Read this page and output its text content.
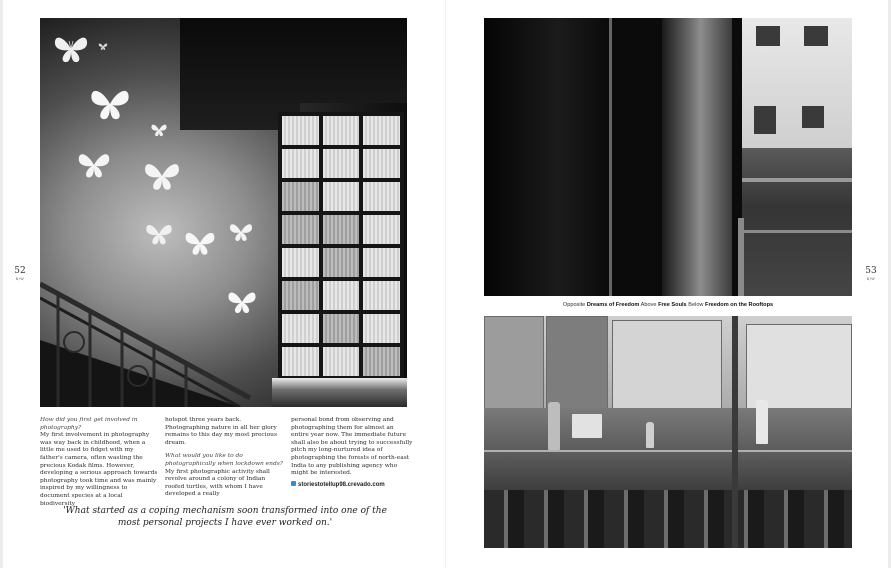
52
B/W
53
B/W
Opposite Dreams of Freedom Above Free Souls Below Freedom on the Rooftops

How did you first get involved in photography?
My first involvement in photography was way back in childhood, when a little me used to fidget with my father's camera, often wasting the precious Kodak films. However, developing a serious approach towards photography took time and was mainly inspired by my willingness to document species at a local biodiversity

hotspot three years back. Photographing nature in all her glory remains to this day my most precious dream.

What would you like to do photographically when lockdown ends?
My first photographic activity shall revolve around a colony of Indian roofed turtles, with whom I have developed a really

personal bond from observing and photographing them for almost an entire year now. The immediate future shall also be about trying to successfully pitch my long-nurtured idea of photographing the forests of north-east India to any publishing agency who might be interested.

storiestotellup98.crevado.com
'What started as a coping mechanism soon transformed into one of the most personal projects I have ever worked on.'
